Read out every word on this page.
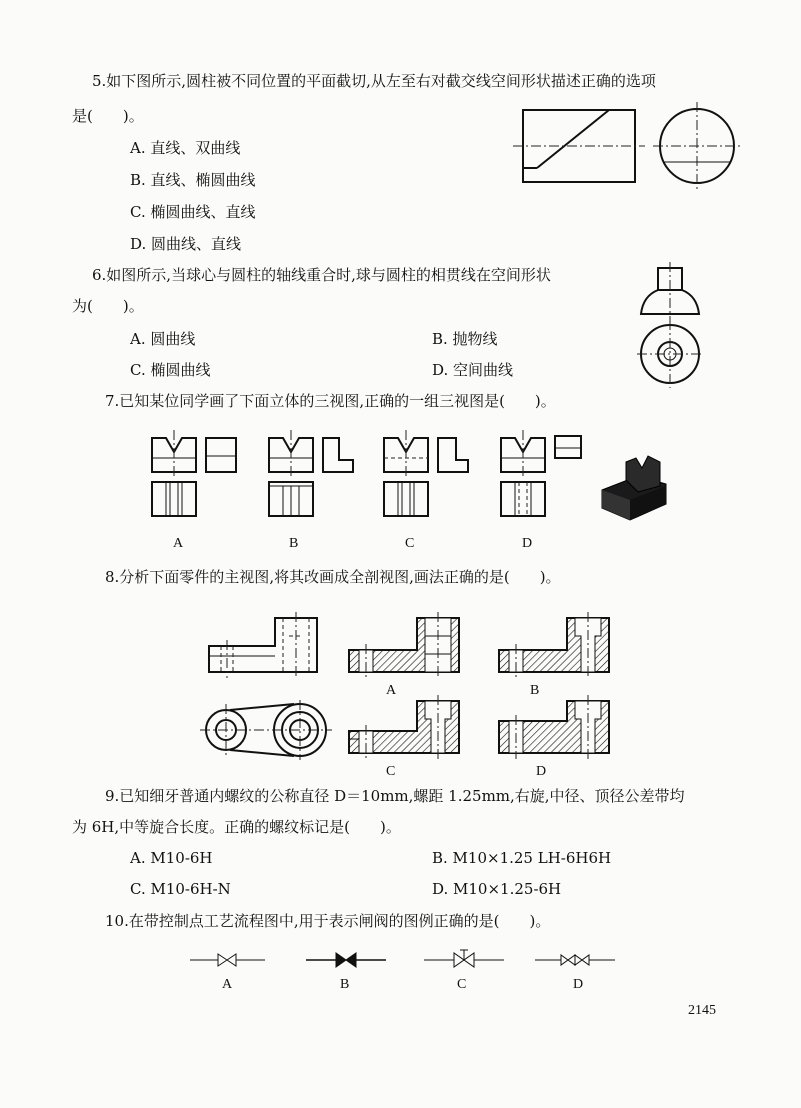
5.如下图所示,圆柱被不同位置的平面截切,从左至右对截交线空间形状描述正确的选项
是(　　)。
A. 直线、双曲线
B. 直线、椭圆曲线
C. 椭圆曲线、直线
D. 圆曲线、直线
6.如图所示,当球心与圆柱的轴线重合时,球与圆柱的相贯线在空间形状
为(　　)。
A. 圆曲线	B. 抛物线
C. 椭圆曲线	D. 空间曲线
7.已知某位同学画了下面立体的三视图,正确的一组三视图是(　　)。
A	B	C	D
8.分析下面零件的主视图,将其改画成全剖视图,画法正确的是(　　)。
A	B
C	D
9.已知细牙普通内螺纹的公称直径 D＝10mm,螺距 1.25mm,右旋,中径、顶径公差带均
为 6H,中等旋合长度。正确的螺纹标记是(　　)。
A. M10-6H	B. M10×1.25 LH-6H6H
C. M10-6H-N	D. M10×1.25-6H
10.在带控制点工艺流程图中,用于表示闸阀的图例正确的是(　　)。
A	B	C	D
2145
